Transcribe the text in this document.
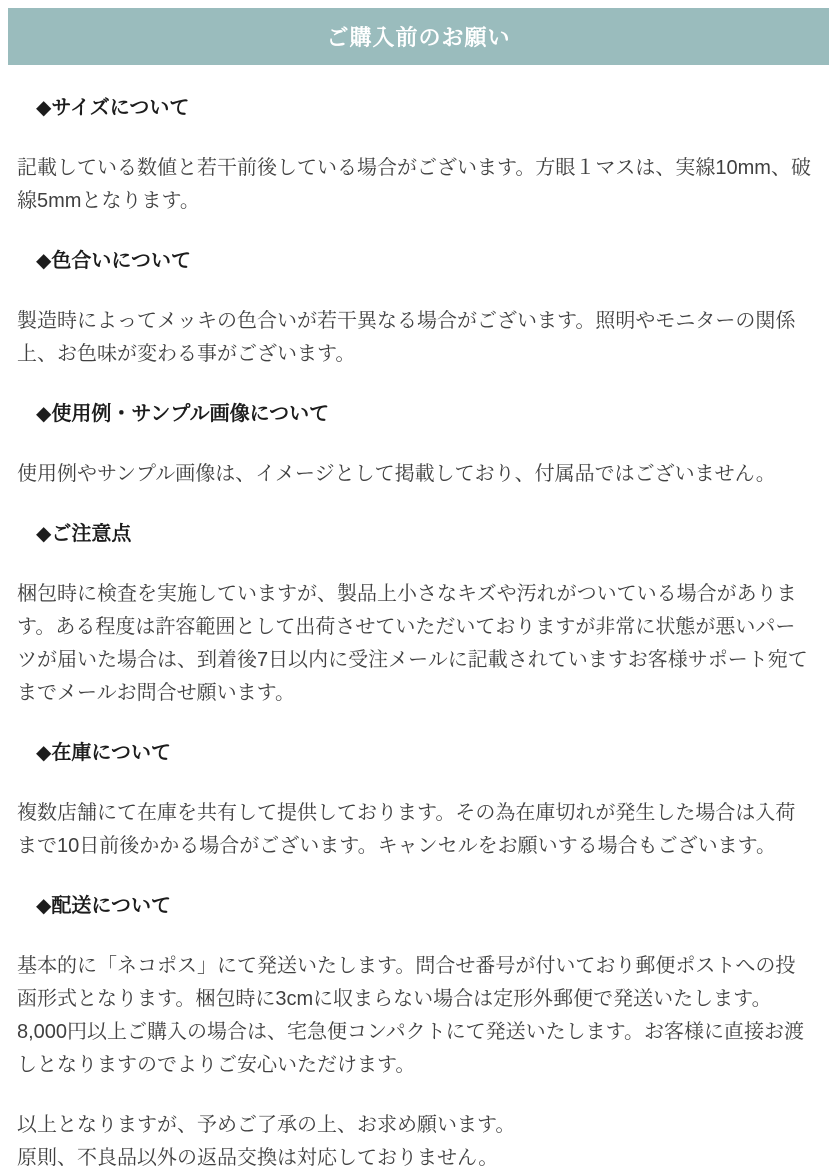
ご購入前のお願い
◆サイズについて

記載している数値と若干前後している場合がございます。方眼１マスは、実線10mm、破線5mmとなります。

◆色合いについて

製造時によってメッキの色合いが若干異なる場合がございます。照明やモニターの関係上、お色味が変わる事がございます。

◆使用例・サンプル画像について

使用例やサンプル画像は、イメージとして掲載しており、付属品ではございません。

◆ご注意点

梱包時に検査を実施していますが、製品上小さなキズや汚れがついている場合があります。ある程度は許容範囲として出荷させていただいておりますが非常に状態が悪いパーツが届いた場合は、到着後7日以内に受注メールに記載されていますお客様サポート宛てまでメールお問合せ願います。

◆在庫について

複数店舗にて在庫を共有して提供しております。その為在庫切れが発生した場合は入荷まで10日前後かかる場合がございます。キャンセルをお願いする場合もございます。

◆配送について

基本的に「ネコポス」にて発送いたします。問合せ番号が付いており郵便ポストへの投函形式となります。梱包時に3cmに収まらない場合は定形外郵便で発送いたします。
8,000円以上ご購入の場合は、宅急便コンパクトにて発送いたします。お客様に直接お渡しとなりますのでよりご安心いただけます。

以上となりますが、予めご了承の上、お求め願います。
原則、不良品以外の返品交換は対応しておりません。
